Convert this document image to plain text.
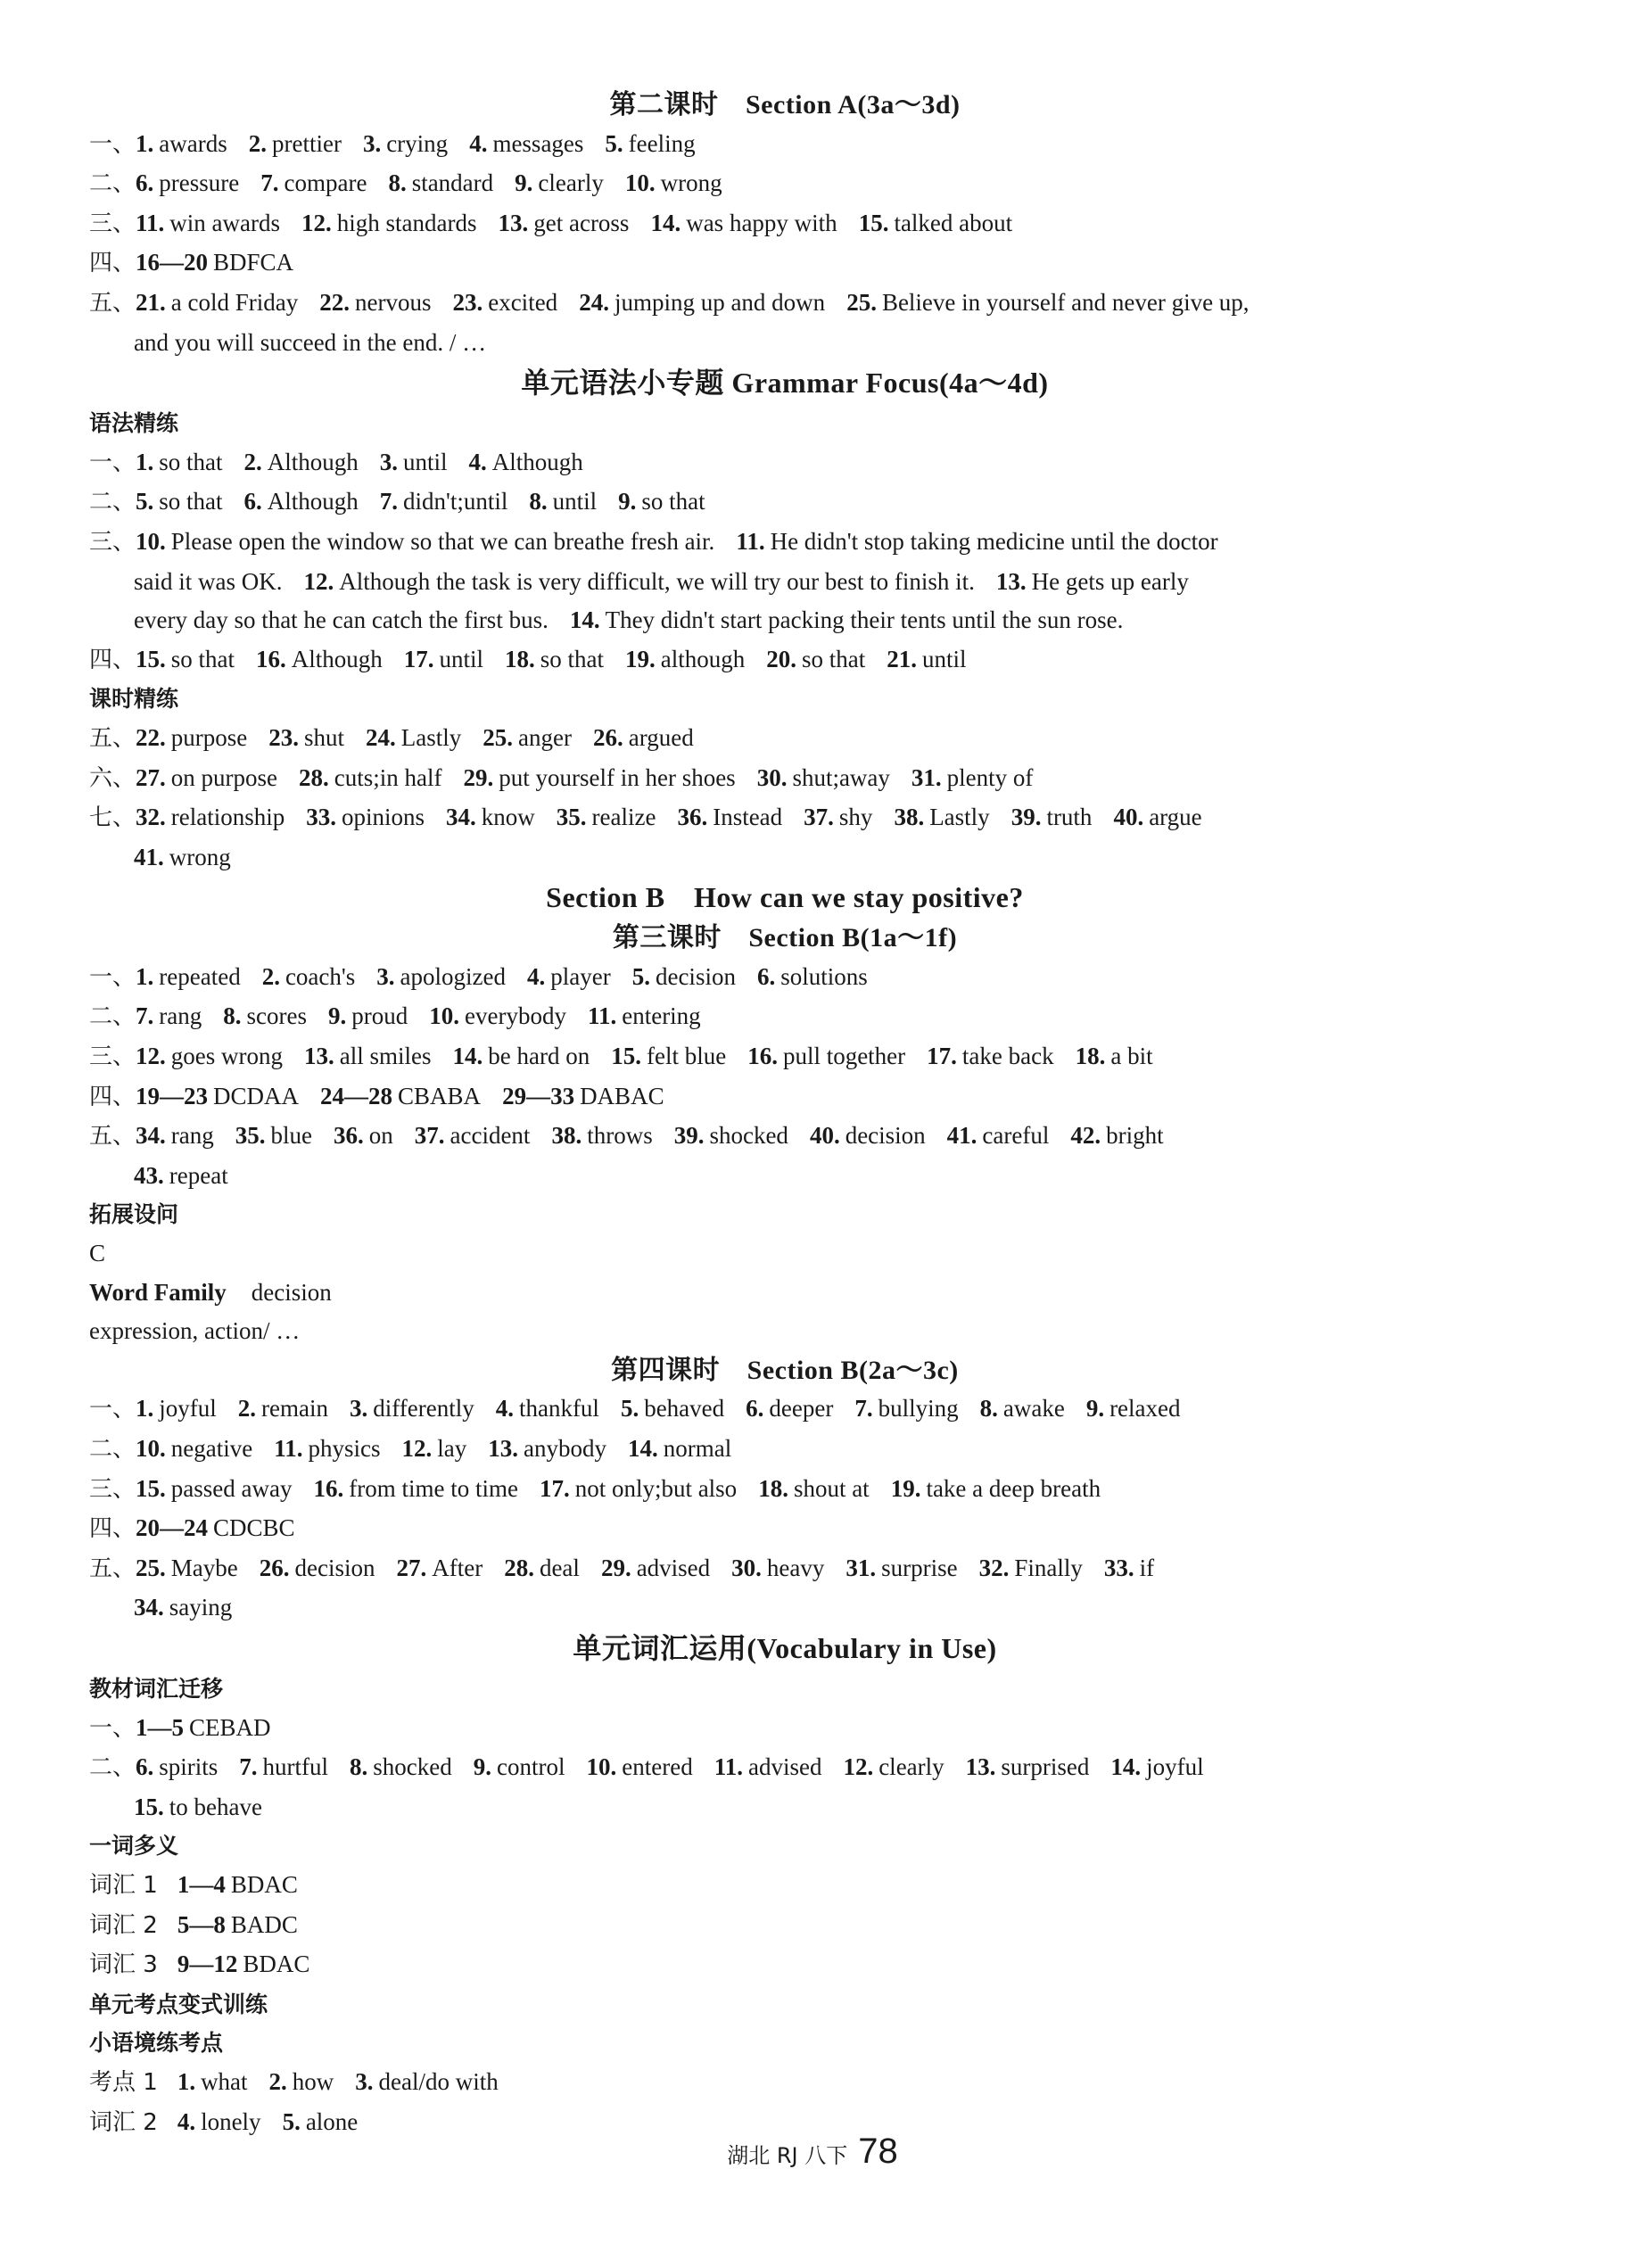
第二课时　Section A(3a～3d)
一、1. awards 2. prettier 3. crying 4. messages 5. feeling
二、6. pressure 7. compare 8. standard 9. clearly 10. wrong
三、11. win awards 12. high standards 13. get across 14. was happy with 15. talked about
四、16—20 BDFCA
五、21. a cold Friday 22. nervous 23. excited 24. jumping up and down 25. Believe in yourself and never give up,
and you will succeed in the end. / …
单元语法小专题 Grammar Focus(4a～4d)
语法精练
一、1. so that 2. Although 3. until 4. Although
二、5. so that 6. Although 7. didn't;until 8. until 9. so that
三、10. Please open the window so that we can breathe fresh air. 11. He didn't stop taking medicine until the doctor
said it was OK. 12. Although the task is very difficult, we will try our best to finish it. 13. He gets up early
every day so that he can catch the first bus. 14. They didn't start packing their tents until the sun rose.
四、15. so that 16. Although 17. until 18. so that 19. although 20. so that 21. until
课时精练
五、22. purpose 23. shut 24. Lastly 25. anger 26. argued
六、27. on purpose 28. cuts;in half 29. put yourself in her shoes 30. shut;away 31. plenty of
七、32. relationship 33. opinions 34. know 35. realize 36. Instead 37. shy 38. Lastly 39. truth 40. argue
41. wrong
Section B　How can we stay positive?
第三课时　Section B(1a～1f)
一、1. repeated 2. coach's 3. apologized 4. player 5. decision 6. solutions
二、7. rang 8. scores 9. proud 10. everybody 11. entering
三、12. goes wrong 13. all smiles 14. be hard on 15. felt blue 16. pull together 17. take back 18. a bit
四、19—23 DCDAA 24—28 CBABA 29—33 DABAC
五、34. rang 35. blue 36. on 37. accident 38. throws 39. shocked 40. decision 41. careful 42. bright
43. repeat
拓展设问
C
Word Family decision
expression, action/ …
第四课时　Section B(2a～3c)
一、1. joyful 2. remain 3. differently 4. thankful 5. behaved 6. deeper 7. bullying 8. awake 9. relaxed
二、10. negative 11. physics 12. lay 13. anybody 14. normal
三、15. passed away 16. from time to time 17. not only;but also 18. shout at 19. take a deep breath
四、20—24 CDCBC
五、25. Maybe 26. decision 27. After 28. deal 29. advised 30. heavy 31. surprise 32. Finally 33. if
34. saying
单元词汇运用(Vocabulary in Use)
教材词汇迁移
一、1—5 CEBAD
二、6. spirits 7. hurtful 8. shocked 9. control 10. entered 11. advised 12. clearly 13. surprised 14. joyful
15. to behave
一词多义
词汇 1 1—4 BDAC
词汇 2 5—8 BADC
词汇 3 9—12 BDAC
单元考点变式训练
小语境练考点
考点 1 1. what 2. how 3. deal/do with
词汇 2 4. lonely 5. alone
湖北 RJ 八下 78
